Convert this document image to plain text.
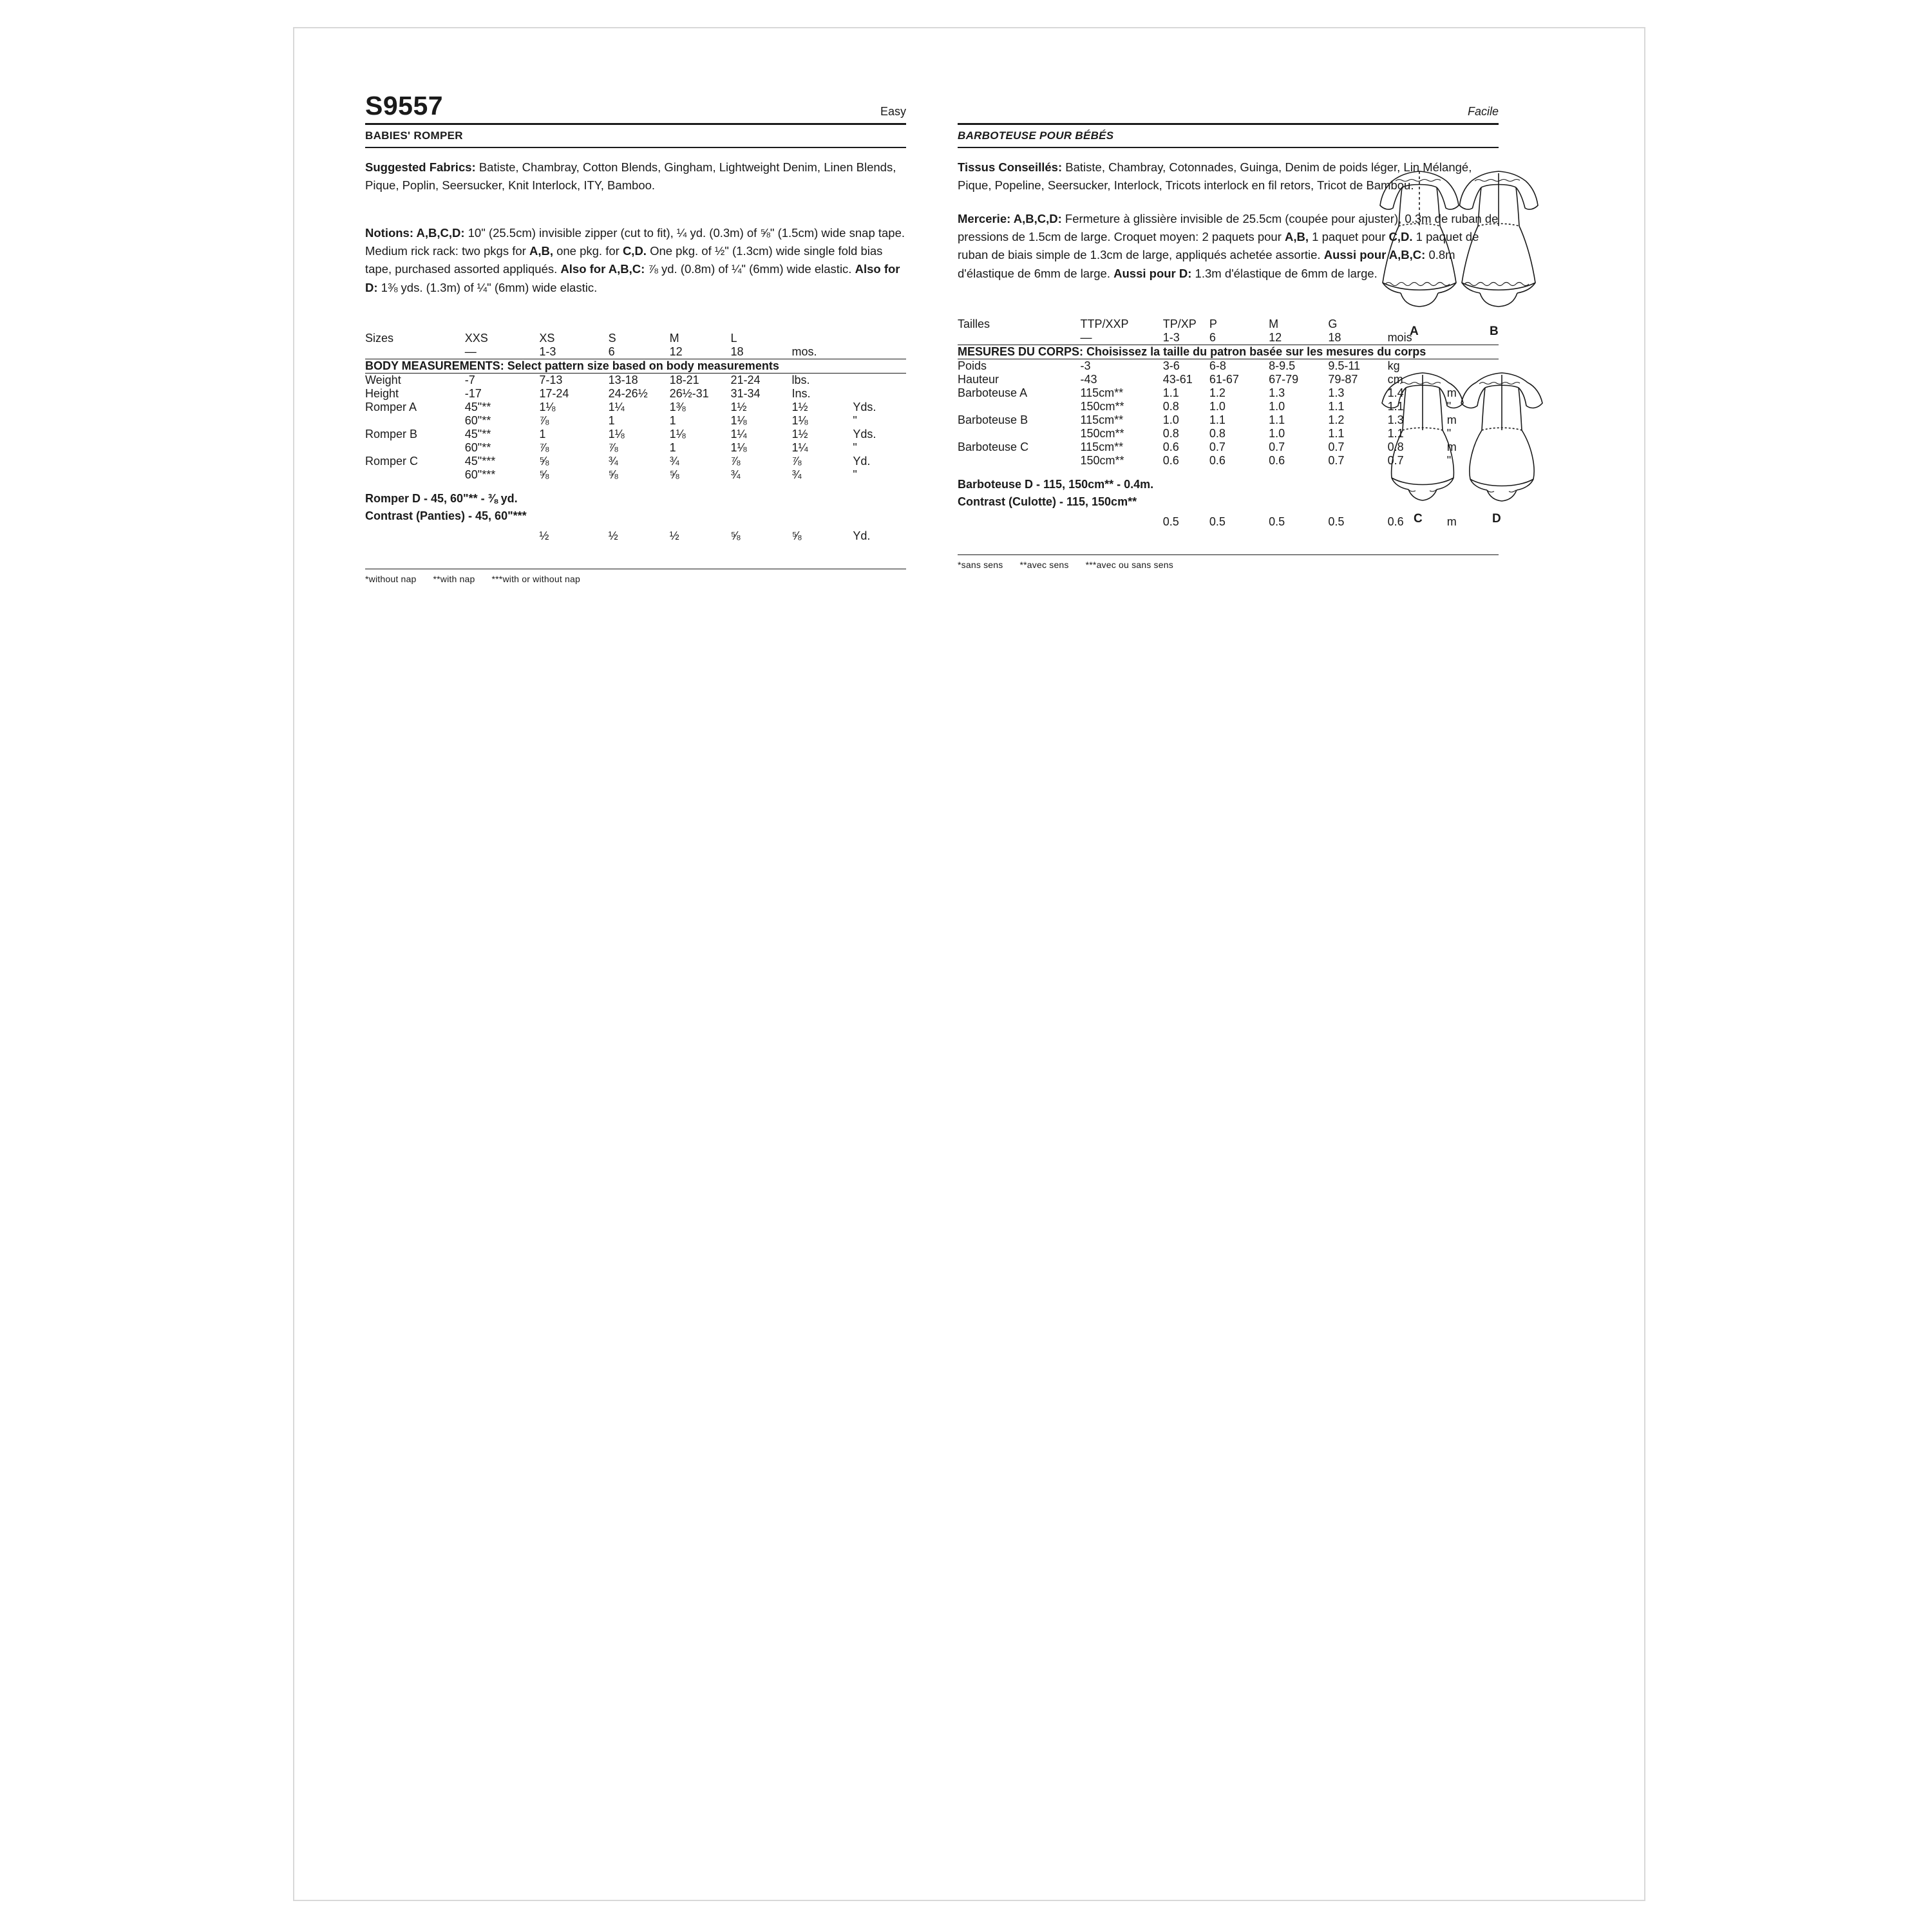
S9557	Easy
BABIES' ROMPER
Suggested Fabrics: Batiste, Chambray, Cotton Blends, Gingham, Lightweight Denim, Linen Blends, Pique, Poplin, Seersucker, Knit Interlock, ITY, Bamboo.
Notions: A,B,C,D: 10" (25.5cm) invisible zipper (cut to fit), ¼ yd. (0.3m) of ⅝" (1.5cm) wide snap tape. Medium rick rack: two pkgs for A,B, one pkg. for C,D. One pkg. of ½" (1.3cm) wide single fold bias tape, purchased assorted appliqués. Also for A,B,C: ⅞ yd. (0.8m) of ¼" (6mm) wide elastic. Also for D: 1⅜ yds. (1.3m) of ¼" (6mm) wide elastic.
Sizes	XXS	XS	S	M	L		
	—	1-3	6	12	18	mos.	
BODY MEASUREMENTS: Select pattern size based on body measurements							
Weight	-7	7-13	13-18	18-21	21-24	lbs.	
Height	-17	17-24	24-26½	26½-31	31-34	Ins.	
Romper A	45"**	1⅛	1¼	1⅜	1½	1½	Yds.
	60"**	⅞	1	1	1⅛	1⅛	"
Romper B	45"**	1	1⅛	1⅛	1¼	1½	Yds.
	60"**	⅞	⅞	1	1⅛	1¼	"
Romper C	45"***	⅝	¾	¾	⅞	⅞	Yd.
	60"***	⅝	⅝	⅝	¾	¾	"
Romper D - 45, 60"** - ⅜ yd.
Contrast (Panties) - 45, 60"***
		½	½	½	⅝	⅝	Yd.
*without nap **with nap ***with or without nap
Facile
BARBOTEUSE POUR BÉBÉS
Tissus Conseillés: Batiste, Chambray, Cotonnades, Guinga, Denim de poids léger, Lin Mélangé, Pique, Popeline, Seersucker, Interlock, Tricots interlock en fil retors, Tricot de Bambou.
Mercerie: A,B,C,D: Fermeture à glissière invisible de 25.5cm (coupée pour ajuster), 0.3m de ruban de pressions de 1.5cm de large. Croquet moyen: 2 paquets pour A,B, 1 paquet pour C,D. 1 paquet de ruban de biais simple de 1.3cm de large, appliqués achetée assortie. Aussi pour A,B,C: 0.8m d'élastique de 6mm de large. Aussi pour D: 1.3m d'élastique de 6mm de large.
Tailles	TTP/XXP	TP/XP	P	M	G		
	—	1-3	6	12	18	mois	
MESURES DU CORPS: Choisissez la taille du patron basée sur les mesures du corps							
Poids	-3	3-6	6-8	8-9.5	9.5-11	kg	
Hauteur	-43	43-61	61-67	67-79	79-87	cm	
Barboteuse A	115cm**	1.1	1.2	1.3	1.3	1.4	m
	150cm**	0.8	1.0	1.0	1.1	1.1	"
Barboteuse B	115cm**	1.0	1.1	1.1	1.2	1.3	m
	150cm**	0.8	0.8	1.0	1.1	1.1	"
Barboteuse C	115cm**	0.6	0.7	0.7	0.7	0.8	m
	150cm**	0.6	0.6	0.6	0.7	0.7	"
Barboteuse D - 115, 150cm** - 0.4m.
Contrast (Culotte) - 115, 150cm**
		0.5	0.5	0.5	0.5	0.6	m
*sans sens **avec sens ***avec ou sans sens
A	B
C	D
